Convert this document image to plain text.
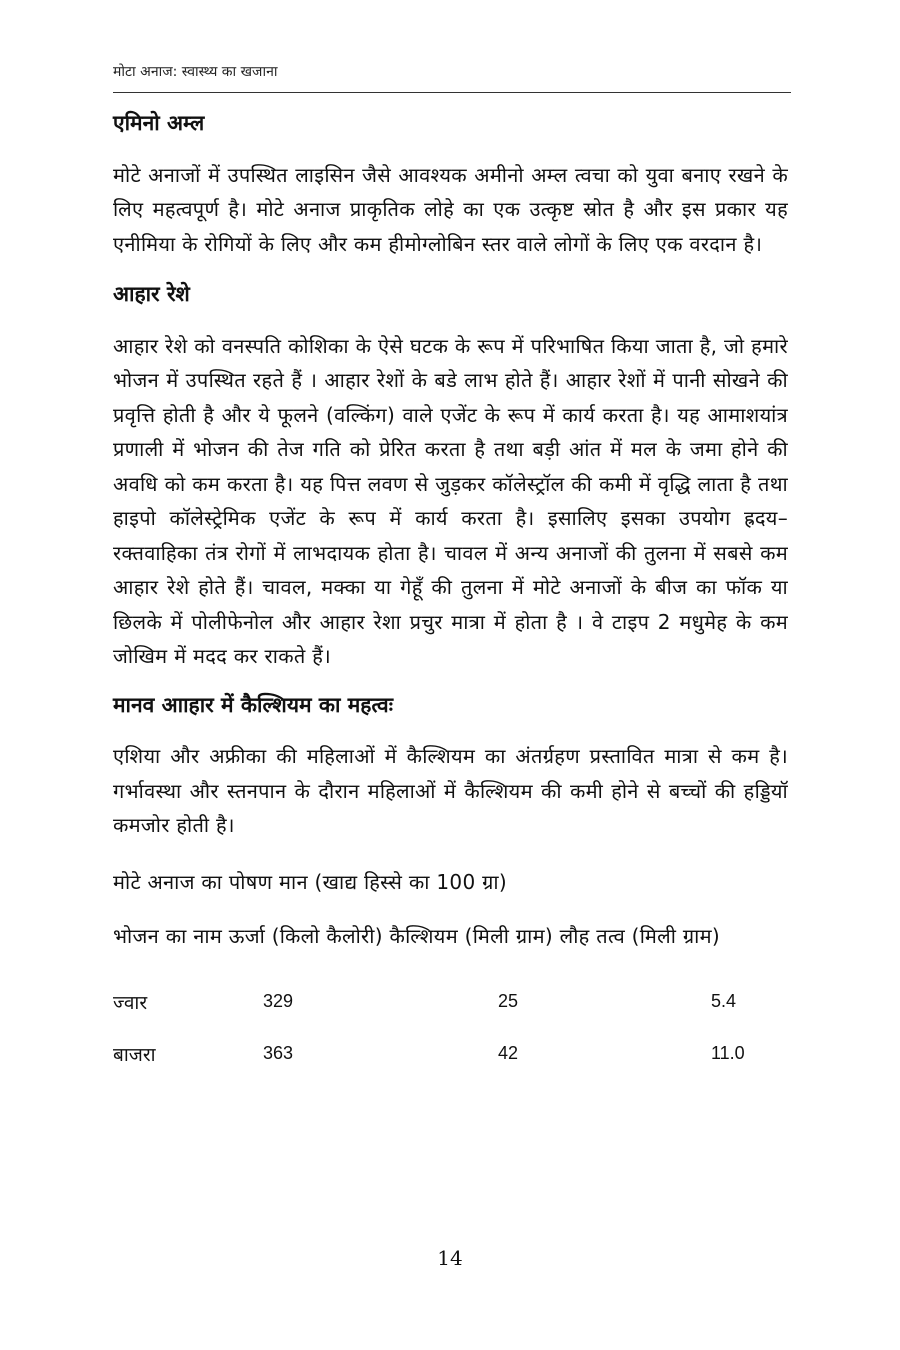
मोटा अनाज: स्वास्थ्य का खजाना
एमिनो अम्ल

मोटे अनाजों में उपस्थित लाइसिन जैसे आवश्यक अमीनो अम्ल त्वचा को युवा बनाए रखने के लिए महत्वपूर्ण है। मोटे अनाज प्राकृतिक लोहे का एक उत्कृष्ट स्रोत है और इस प्रकार यह एनीमिया के रोगियों के लिए और कम हीमोग्लोबिन स्तर वाले लोगों के लिए एक वरदान है।

आहार रेशे

आहार रेशे को वनस्पति कोशिका के ऐसे घटक के रूप में परिभाषित किया जाता है, जो हमारे भोजन में उपस्थित रहते हैं । आहार रेशों के बडे लाभ होते हैं। आहार रेशों में पानी सोखने की प्रवृत्ति होती है और ये फूलने (वल्किंग) वाले एजेंट के रूप में कार्य करता है। यह आमाशयांत्र प्रणाली में भोजन की तेज गति को प्रेरित करता है तथा बड़ी आंत में मल के जमा होने की अवधि को कम करता है। यह पित्त लवण से जुड़कर कॉलेस्ट्रॉल की कमी में वृद्धि लाता है तथा हाइपो कॉलेस्ट्रेमिक एजेंट के रूप में कार्य करता है। इसालिए इसका उपयोग ह्रदय– रक्तवाहिका तंत्र रोगों में लाभदायक होता है। चावल में अन्य अनाजों की तुलना में सबसे कम आहार रेशे होते हैं। चावल, मक्का या गेहूँ की तुलना में मोटे अनाजों के बीज का फॉक या छिलके में पोलीफेनोल और आहार रेशा प्रचुर मात्रा में होता है । वे टाइप 2 मधुमेह के कम जोखिम में मदद कर राकते हैं।

मानव आाहार में कैल्शियम का महत्वः

एशिया और अफ्रीका की महिलाओं में कैल्शियम का अंतर्ग्रहण प्रस्तावित मात्रा से कम है। गर्भावस्था और स्तनपान के दौरान महिलाओं में कैल्शियम की कमी होने से बच्चों की हड्डियॉ कमजोर होती है।

मोटे अनाज का पोषण मान (खाद्य हिस्से का 100 ग्रा)

भोजन का नाम ऊर्जा (किलो कैलोरी) कैल्शियम (मिली ग्राम) लौह तत्व (मिली ग्राम)

ज्वार	329	25	5.4
बाजरा	363	42	11.0
14
